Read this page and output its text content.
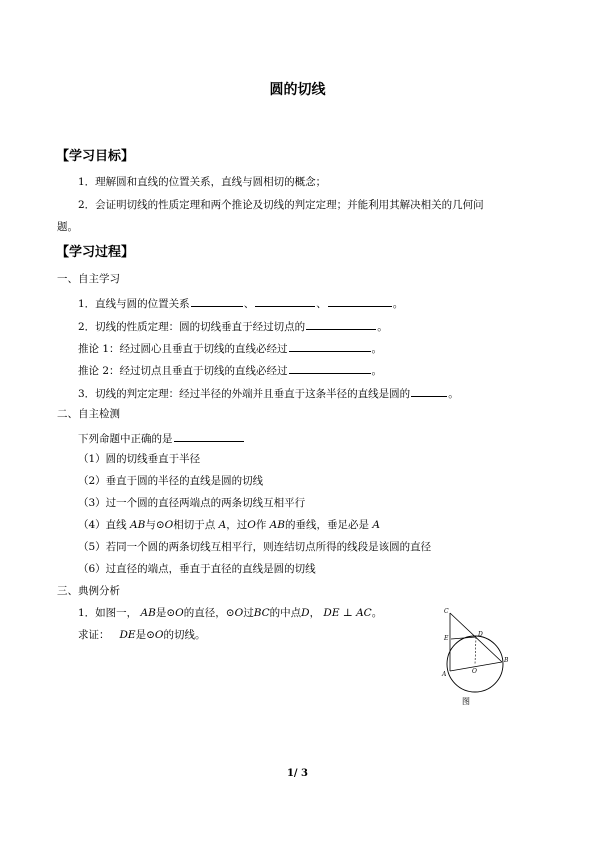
圆的切线
【学习目标】
1．理解圆和直线的位置关系，直线与圆相切的概念；
2．会证明切线的性质定理和两个推论及切线的判定定理；并能利用其解决相关的几何问
题。
【学习过程】
一、自主学习
1．直线与圆的位置关系	、	、	。
2．切线的性质定理：圆的切线垂直于经过切点的	。
推论 1：经过圆心且垂直于切线的直线必经过	。
推论 2：经过切点且垂直于切线的直线必经过	。
3．切线的判定定理：经过半径的外端并且垂直于这条半径的直线是圆的	。
二、自主检测
下列命题中正确的是
（1）圆的切线垂直于半径
（2）垂直于圆的半径的直线是圆的切线
（3）过一个圆的直径两端点的两条切线互相平行
（4）直线 AB与⊙O相切于点 A，过O作 AB的垂线，垂足必是 A
（5）若同一个圆的两条切线互相平行，则连结切点所得的线段是该圆的直径
（6）过直径的端点，垂直于直径的直线是圆的切线
三、典例分析
1．如图一， AB是⊙O的直径，⊙O过BC的中点D， DE ⊥ AC。
求证： DE是⊙O的切线。
C
E
D
O
A
B
图
1/ 3
